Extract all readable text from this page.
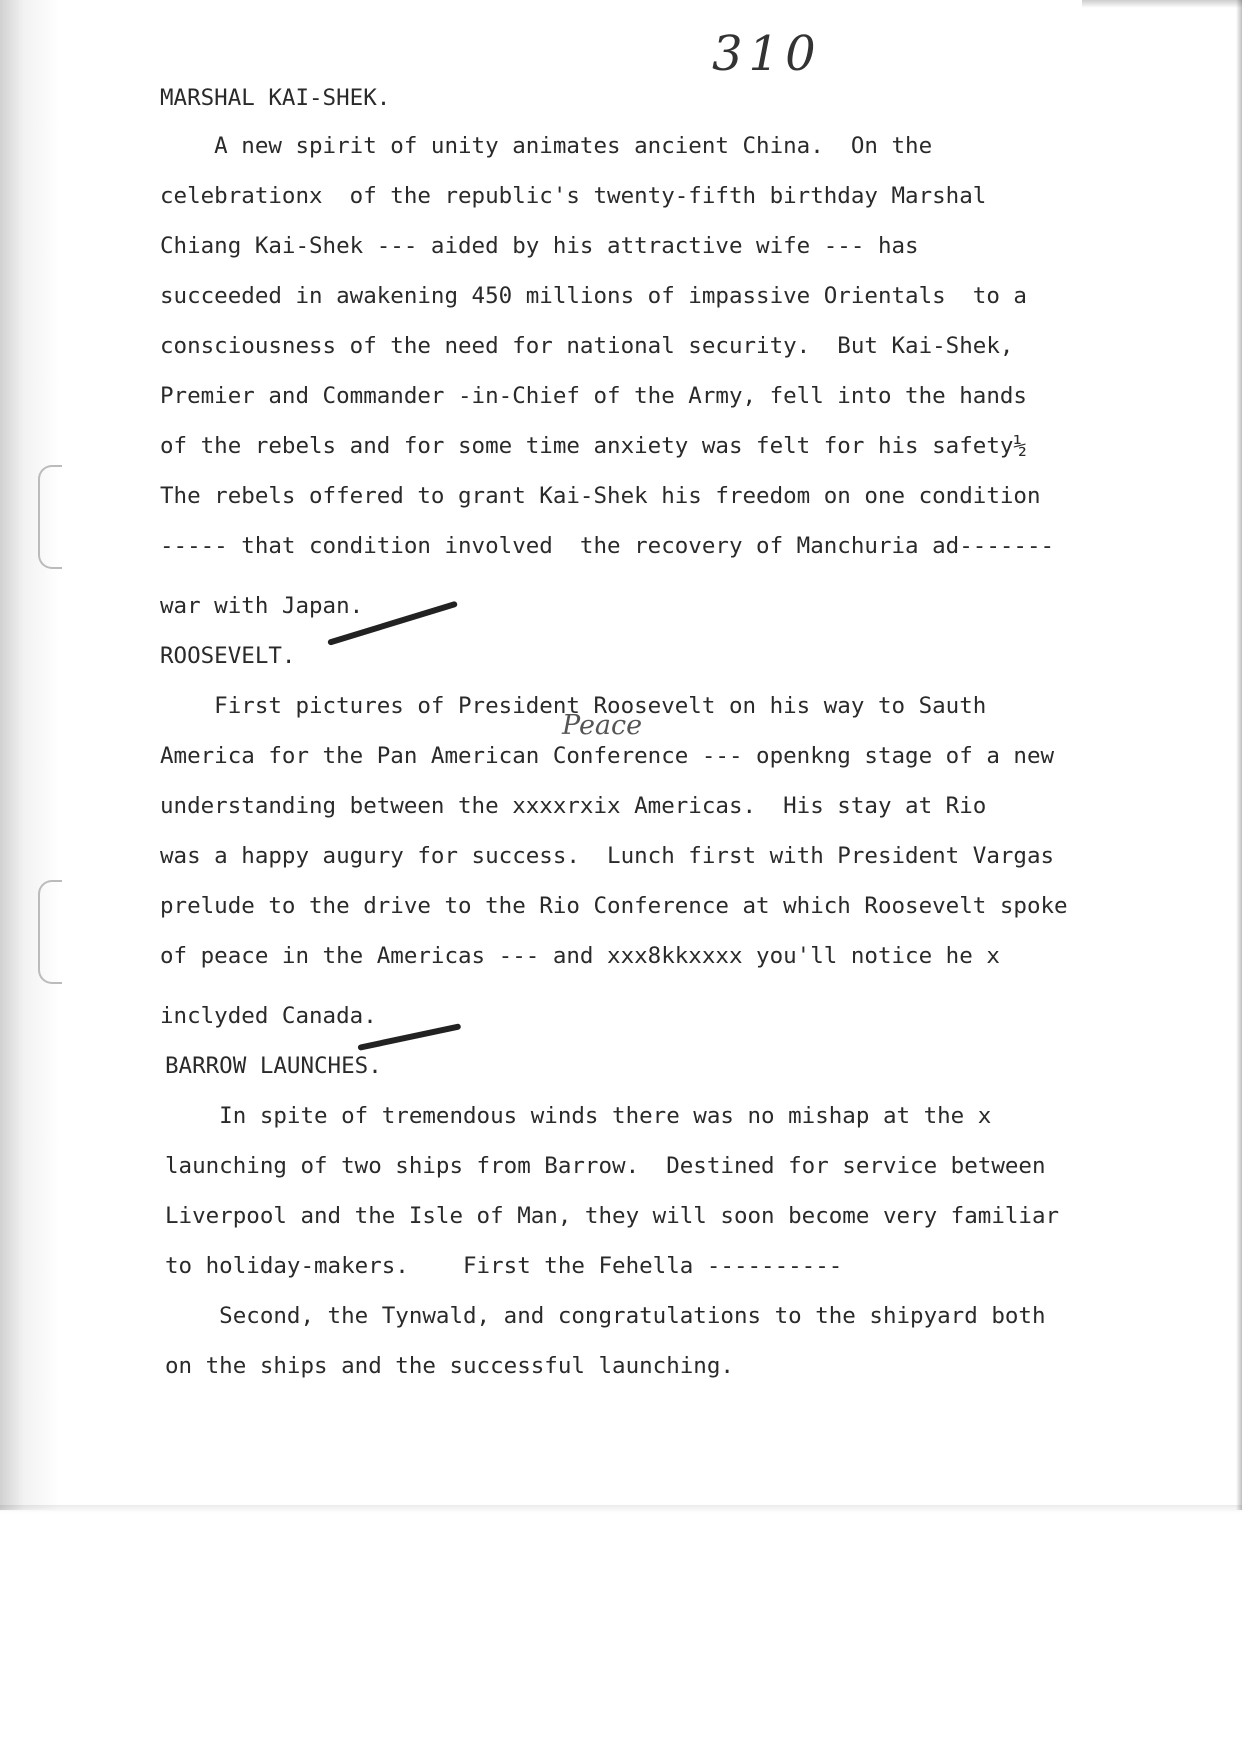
310
Peace
MARSHAL KAI-SHEK.
A new spirit of unity animates ancient China.  On the
celebrationx  of the republic's twenty-fifth birthday Marshal
Chiang Kai-Shek --- aided by his attractive wife --- has
succeeded in awakening 450 millions of impassive Orientals  to a
consciousness of the need for national security.  But Kai-Shek,
Premier and Commander -in-Chief of the Army, fell into the hands
of the rebels and for some time anxiety was felt for his safety½
The rebels offered to grant Kai-Shek his freedom on one condition
----- that condition involved  the recovery of Manchuria ad-------
war with Japan.
ROOSEVELT.
First pictures of President Roosevelt on his way to Sauth
America for the Pan American Conference --- openkng stage of a new
understanding between the xxxxrxix Americas.  His stay at Rio
was a happy augury for success.  Lunch first with President Vargas
prelude to the drive to the Rio Conference at which Roosevelt spoke
of peace in the Americas --- and xxx8kkxxxx you'll notice he x
inclyded Canada.
BARROW LAUNCHES.
In spite of tremendous winds there was no mishap at the x
launching of two ships from Barrow.  Destined for service between
Liverpool and the Isle of Man, they will soon become very familiar
to holiday-makers.    First the Fehella ----------
Second, the Tynwald, and congratulations to the shipyard both
on the ships and the successful launching.
